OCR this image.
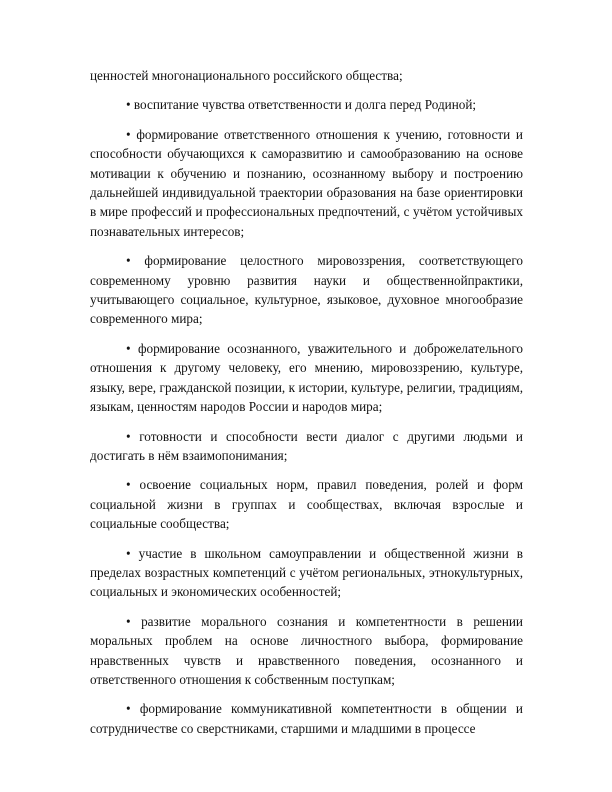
ценностей многонационального российского общества;

• воспитание чувства ответственности и долга перед Родиной;

• формирование ответственного отношения к учению, готовности и способности обучающихся к саморазвитию и самообразованию на основе мотивации к обучению и познанию, осознанному выбору и построению дальнейшей индивидуальной траектории образования на базе ориентировки в мире профессий и профессиональных предпочтений, с учётом устойчивых познавательных интересов;

• формирование целостного мировоззрения, соответствующего современному уровню развития науки и общественнойпрактики, учитывающего социальное, культурное, языковое, духовное многообразие современного мира;

• формирование осознанного, уважительного и доброжелательного отношения к другому человеку, его мнению, мировоззрению, культуре, языку, вере, гражданской позиции, к истории, культуре, религии, традициям, языкам, ценностям народов России и народов мира;

• готовности и способности вести диалог с другими людьми и достигать в нём взаимопонимания;

• освоение социальных норм, правил поведения, ролей и форм социальной жизни в группах и сообществах, включая взрослые и социальные сообщества;

• участие в школьном самоуправлении и общественной жизни в пределах возрастных компетенций с учётом региональных, этнокультурных, социальных и экономических особенностей;

• развитие морального сознания и компетентности в решении моральных проблем на основе личностного выбора, формирование нравственных чувств и нравственного поведения, осознанного и ответственного отношения к собственным поступкам;

• формирование коммуникативной компетентности в общении и сотрудничестве со сверстниками, старшими и младшими в процессе
